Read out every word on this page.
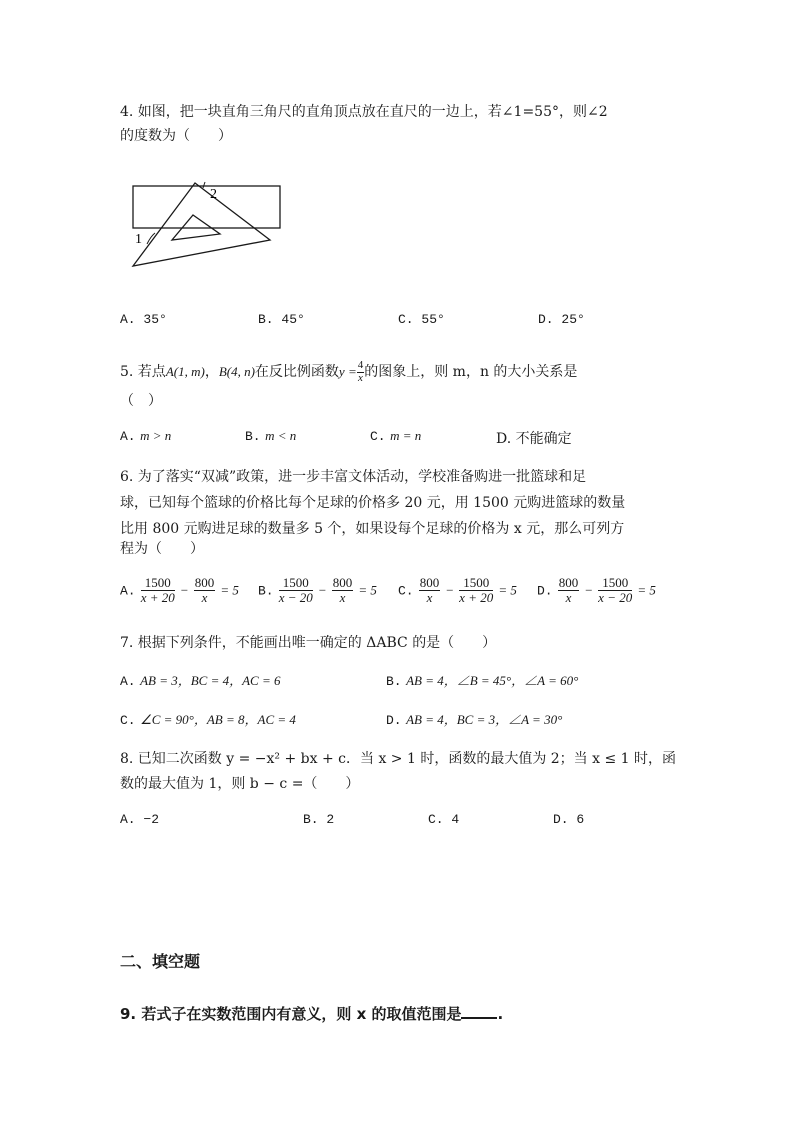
4. 如图，把一块直角三角尺的直角顶点放在直尺的一边上，若∠1=55°，则∠2
的度数为（　　）
1
2
A. 35°	B. 45°	C. 55°	D. 25°
5. 若点A(1, m)，B(4, n)在反比例函数$y = \frac{4}{x}$ 的图象上，则 m，n 的大小关系是
（　）
A. m > n	B. m < n	C. m = n	D. 不能确定
6. 为了落实“双减”政策，进一步丰富文体活动，学校准备购进一批篮球和足
球，已知每个篮球的价格比每个足球的价格多 20 元，用 1500 元购进篮球的数量
比用 800 元购进足球的数量多 5 个，如果设每个足球的价格为 x 元，那么可列方
程为（　　）
A. $\frac{1500}{x + 20} - \frac{800}{x} = 5$ B. $\frac{1500}{x - 20} - \frac{800}{x} = 5$ C. $\frac{800}{x} - \frac{1500}{x + 20} = 5$ D. $\frac{800}{x} - \frac{1500}{x - 20} = 5$
7. 根据下列条件，不能画出唯一确定的 ΔABC 的是（　　）
A. AB = 3，BC = 4，AC = 6	B. AB = 4，∠B = 45°，∠A = 60°
C. ∠C = 90°，AB = 8，AC = 4	D. AB = 4，BC = 3，∠A = 30°
8. 已知二次函数 y = −x² + bx + c．当 x > 1 时，函数的最大值为 2；当 x ≤ 1 时，函
数的最大值为 1，则 b − c =（　　）
A. −2	B. 2	C. 4	D. 6
二、填空题
9. 若式子在实数范围内有意义，则 x 的取值范围是 .
